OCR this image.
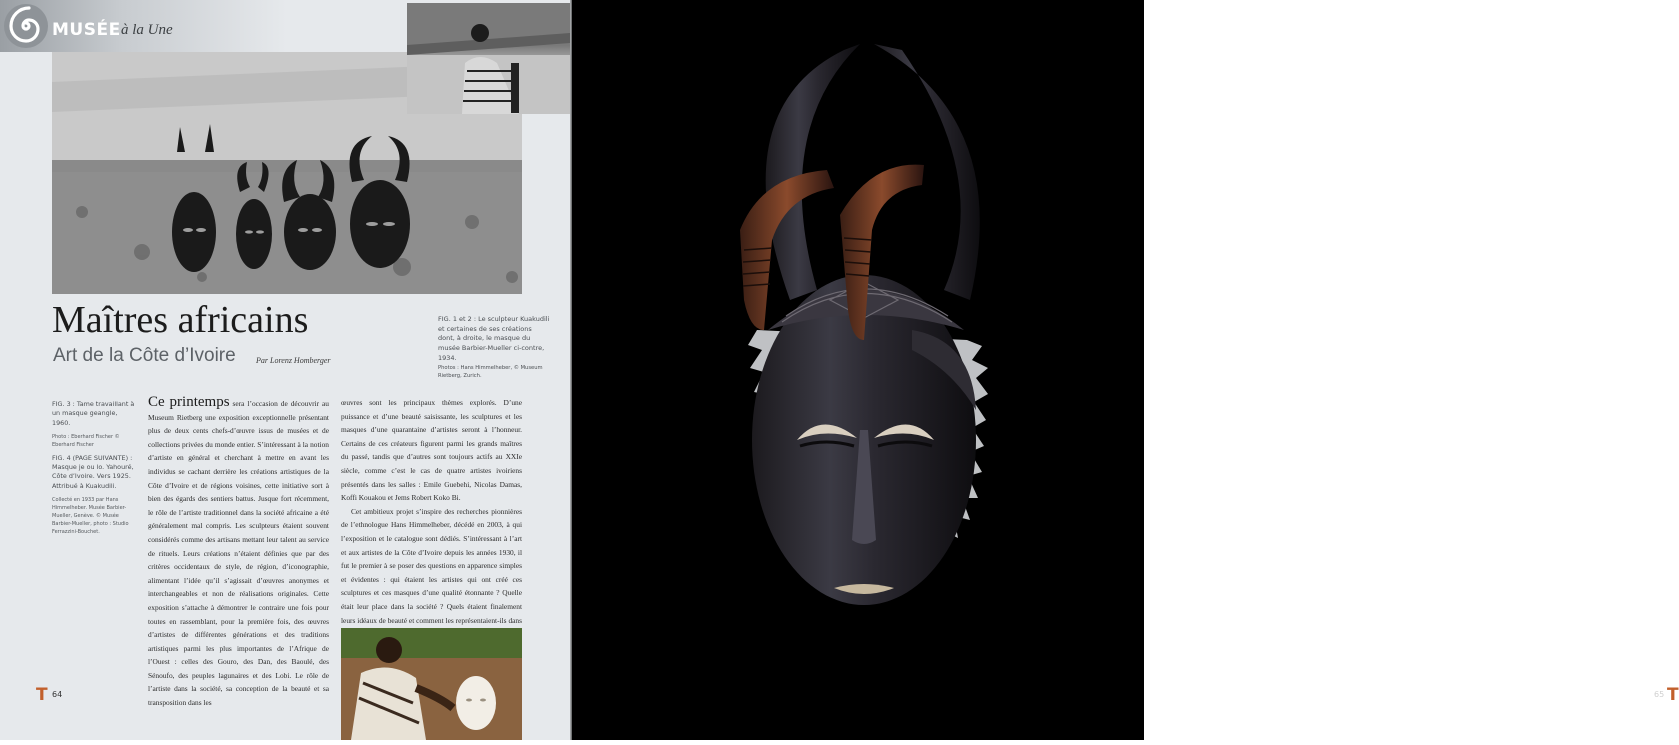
MUSÉE à la Une
Maîtres africains
Art de la Côte d’Ivoire	Par Lorenz Homberger
FIG. 1 et 2 : Le sculpteur Kuakudili et certaines de ses créations dont, à droite, le masque du musée Barbier-Mueller ci-contre, 1934.
Photos : Hans Himmelheber, © Museum Rietberg, Zurich.

FIG. 3 : Tame travaillant à un masque geangle, 1960.

Photo : Eberhard Fischer © Eberhard Fischer

FIG. 4 (PAGE SUIVANTE) : Masque je ou lo. Yahouré, Côte d’Ivoire. Vers 1925. Attribué à Kuakudili.

Collecté en 1933 par Hans Himmelheber. Musée Barbier-Mueller, Genève. © Musée Barbier-Mueller, photo : Studio Ferrazzini-Bouchet.

Ce printemps sera l’occasion de découvrir au Museum Rietberg une exposition exceptionnelle présentant plus de deux cents chefs-d’œuvre issus de musées et de collections privées du monde entier. S’intéressant à la notion d’artiste en général et cherchant à mettre en avant les individus se cachant derrière les créations artistiques de la Côte d’Ivoire et de régions voisines, cette initiative sort à bien des égards des sentiers battus. Jusque fort récemment, le rôle de l’artiste traditionnel dans la société africaine a été généralement mal compris. Les sculpteurs étaient souvent considérés comme des artisans mettant leur talent au service de rituels. Leurs créations n’étaient définies que par des critères occidentaux de style, de région, d’iconographie, alimentant l’idée qu’il s’agissait d’œuvres anonymes et interchangeables et non de réalisations originales. Cette exposition s’attache à démontrer le contraire une fois pour toutes en rassemblant, pour la première fois, des œuvres d’artistes de différentes générations et des traditions artistiques parmi les plus importantes de l’Afrique de l’Ouest : celles des Gouro, des Dan, des Baoulé, des Sénoufo, des peuples lagunaires et des Lobi. Le rôle de l’artiste dans la société, sa conception de la beauté et sa transposition dans les

œuvres sont les principaux thèmes explorés. D’une puissance et d’une beauté saisissante, les sculptures et les masques d’une quarantaine d’artistes seront à l’honneur. Certains de ces créateurs figurent parmi les grands maîtres du passé, tandis que d’autres sont toujours actifs au XXIe siècle, comme c’est le cas de quatre artistes ivoiriens présentés dans les salles : Emile Guebehi, Nicolas Damas, Koffi Kouakou et Jems Robert Koko Bi.

Cet ambitieux projet s’inspire des recherches pionnières de l’ethnologue Hans Himmelheber, décédé en 2003, à qui l’exposition et le catalogue sont dédiés. S’intéressant à l’art et aux artistes de la Côte d’Ivoire depuis les années 1930, il fut le premier à se poser des questions en apparence simples et évidentes : qui étaient les artistes qui ont créé ces sculptures et ces masques d’une qualité étonnante ? Quelle était leur place dans la société ? Quels étaient finalement leurs idéaux de beauté et comment les représentaient-ils dans

T 64	65 T
